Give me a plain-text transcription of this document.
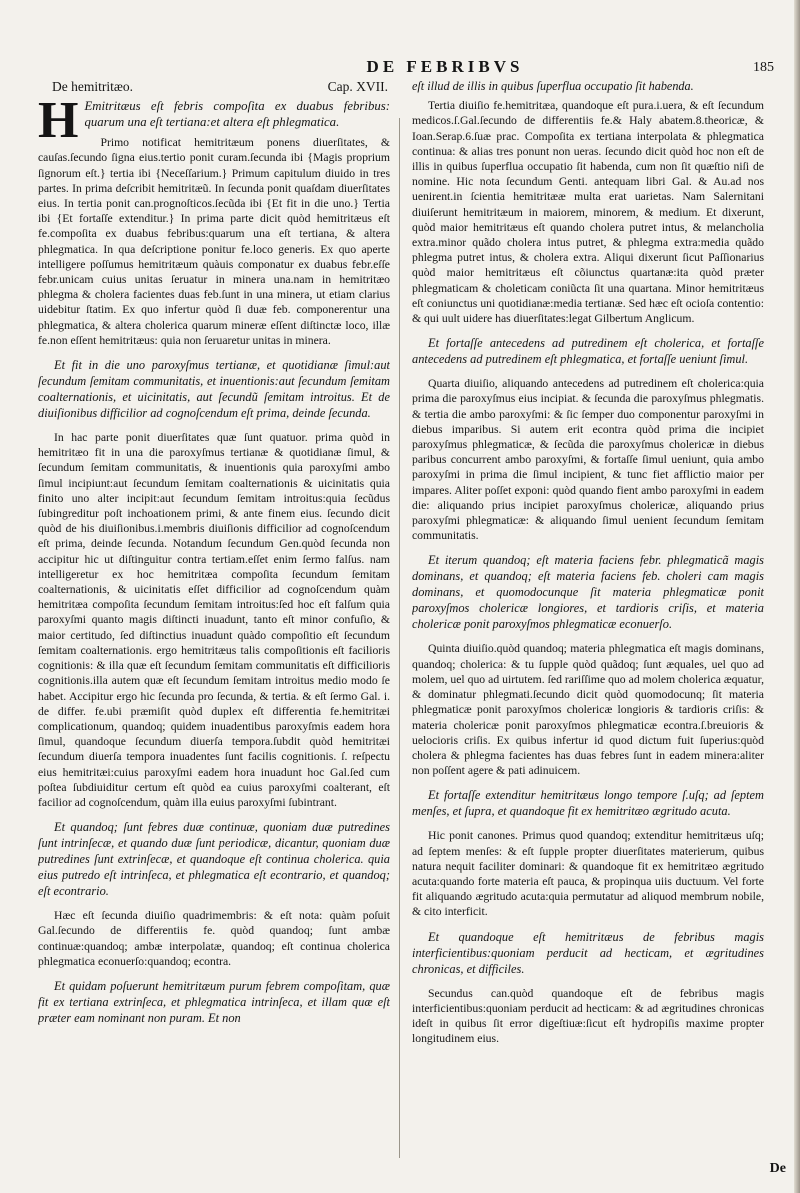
DE FEBRIBVS	185
De hemitritæo.	Cap. XVII.

H Emitritæus eſt febris compoſita ex duabus febribus: quarum una eſt tertiana:et altera eſt phlegmatica.

Primo notificat hemitritæum ponens diuerſitates, & cauſas.ſecundo ſigna eius.tertio ponit curam.ſecunda ibi {Magis proprium ſignorum eſt.} tertia ibi {Neceſſarium.} Primum capitulum diuido in tres partes. In prima deſcribit hemitritæũ. In ſecunda ponit quaſdam diuerſitates eius. In tertia ponit can.prognoſticos.ſecũda ibi {Et fit in die uno.} Tertia ibi {Et fortaſſe extenditur.} In prima parte dicit quòd hemitritæus eſt fe.compoſita ex duabus febribus:quarum una eſt tertiana, & altera phlegmatica. In qua deſcriptione ponitur fe.loco generis. Ex quo aperte intelligere poſſumus hemitritæum quàuis componatur ex duabus febr.eſſe febr.unicam cuius unitas ſeruatur in minera una.nam in hemitritæo phlegma & cholera facientes duas feb.ſunt in una minera, ut etiam clarius uidebitur ſtatim. Ex quo infertur quòd ſi duæ feb. componerentur una phlegmatica, & altera cholerica quarum mineræ eſſent diſtinctæ loco, illæ fe.non eſſent hemitritæus: quia non ſeruaretur unitas in minera.

Et fit in die uno paroxyſmus tertianæ, et quotidianæ ſimul:aut ſecundum ſemitam communitatis, et inuentionis:aut ſecundum ſemitam coalternationis, et uicinitatis, aut ſecundũ ſemitam introitus. Et de diuiſionibus difficilior ad cognoſcendum eſt prima, deinde ſecunda.

In hac parte ponit diuerſitates quæ ſunt quatuor. prima quòd in hemitritæo fit in una die paroxyſmus tertianæ & quotidianæ ſimul, & ſecundum ſemitam communitatis, & inuentionis quia paroxyſmi ambo ſimul incipiunt:aut ſecundum ſemitam coalternationis & uicinitatis quia finito uno alter incipit:aut ſecundum ſemitam introitus:quia ſecũdus ſubingreditur poſt inchoationem primi, & ante finem eius. ſecundo dicit quòd de his diuiſionibus.i.membris diuiſionis difficilior ad cognoſcendum eſt prima, deinde ſecunda. Notandum ſecundum Gen.quòd ſecunda non accipitur hic ut diſtinguitur contra tertiam.eſſet enim ſermo falſus. nam intelligeretur ex hoc hemitritæa compoſita ſecundum ſemitam coalternationis, & uicinitatis eſſet difficilior ad cognoſcendum quàm hemitritæa compoſita ſecundum ſemitam introitus:ſed hoc eſt falſum quia paroxyſmi quanto magis diſtincti inuadunt, tanto eſt minor confuſio, & maior certitudo, ſed diſtinctius inuadunt quàdo compoſitio eſt ſecundum ſemitam coalternationis. ergo hemitritæus talis compoſitionis eſt facilioris cognitionis: & illa quæ eſt ſecundum ſemitam communitatis eſt difficilioris cognitionis.illa autem quæ eſt ſecundum ſemitam introitus medio modo ſe habet. Accipitur ergo hic ſecunda pro ſecunda, & tertia. & eſt ſermo Gal. i. de differ. fe.ubi præmiſit quòd duplex eſt differentia fe.hemitritæi complicationum, quandoq; quidem inuadentibus paroxyſmis eadem hora ſimul, quandoque ſecundum diuerſa tempora.ſubdit quòd hemitritæi ſecundum diuerſa tempora inuadentes ſunt facilis cognitionis. ſ. reſpectu eius hemitritæi:cuius paroxyſmi eadem hora inuadunt hoc Gal.ſed cum poſtea ſubdiuiditur certum eſt quòd ea cuius paroxyſmi coalterant, eſt facilior ad cognoſcendum, quàm illa euius paroxyſmi ſubintrant.

Et quandoq; ſunt febres duæ continuæ, quoniam duæ putredines ſunt intrinſecæ, et quando duæ ſunt periodicæ, dicantur, quoniam duæ putredines ſunt extrinſecæ, et quandoque eſt continua cholerica. quia eius putredo eſt intrinſeca, et phlegmatica eſt econtrario, et quandoq; eſt econtrario.

Hæc eſt ſecunda diuiſio quadrimembris: & eſt nota: quàm poſuit Gal.ſecundo de differentiis fe. quòd quandoq; ſunt ambæ continuæ:quandoq; ambæ interpolatæ, quandoq; eſt continua cholerica phlegmatica econuerſo:quandoq; econtra.

Et quidam poſuerunt hemitritæum purum febrem compoſitam, quæ fit ex tertiana extrinſeca, et phlegmatica intrinſeca, et illam quæ eſt præter eam nominant non puram. Et non

eſt illud de illis in quibus ſuperflua occupatio ſit habenda.

Tertia diuiſio fe.hemitritæa, quandoque eſt pura.i.uera, & eſt ſecundum medicos.ſ.Gal.ſecundo de differentiis fe.& Haly abatem.8.theoricæ, & Ioan.Serap.6.ſuæ prac. Compoſita ex tertiana interpolata & phlegmatica continua: & alias tres ponunt non ueras. ſecundo dicit quòd hoc non eſt de illis in quibus ſuperflua occupatio ſit habenda, cum non ſit quæſtio niſi de nomine. Hic nota ſecundum Genti. antequam libri Gal. & Au.ad nos uenirent.in ſcientia hemitritææ multa erat uarietas. Nam Salernitani diuiſerunt hemitritæum in maiorem, minorem, & medium. Et dixerunt, quòd maior hemitritæus eſt quando cholera putret intus, & melancholia extra.minor quãdo cholera intus putret, & phlegma extra:media quãdo phlegma putret intus, & cholera extra. Aliqui dixerunt ſicut Paſſionarius quòd maior hemitritæus eſt cõiunctus quartanæ:ita quòd præter phlegmaticam & choleticam coniũcta ſit una quartana. Minor hemitritæus eſt coniunctus uni quotidianæ:media tertianæ. Sed hæc eſt ocioſa contentio: & qui uult uidere has diuerſitates:legat Gilbertum Anglicum.

Et fortaſſe antecedens ad putredinem eſt cholerica, et fortaſſe antecedens ad putredinem eſt phlegmatica, et fortaſſe ueniunt ſimul.

Quarta diuiſio, aliquando antecedens ad putredinem eſt cholerica:quia prima die paroxyſmus eius incipiat. & ſecunda die paroxyſmus phlegmatis. & tertia die ambo paroxyſmi: & ſic ſemper duo componentur paroxyſmi in diebus imparibus. Si autem erit econtra quòd prima die incipiet paroxyſmus phlegmaticæ, & ſecũda die paroxyſmus cholericæ in diebus paribus concurrent ambo paroxyſmi, & fortaſſe ſimul ueniunt, quia ambo paroxyſmi in prima die ſimul incipient, & tunc fiet afflictio maior per impares. Aliter poſſet exponi: quòd quando fient ambo paroxyſmi in eadem die: aliquando prius incipiet paroxyſmus cholericæ, aliquando prius paroxyſmi phlegmaticæ: & aliquando ſimul uenient ſecundum ſemitam communitatis.

Et iterum quandoq; eſt materia faciens febr. phlegmaticã magis dominans, et quandoq; eſt materia faciens feb. choleri cam magis dominans, et quomodocunque ſit materia phlegmaticæ ponit paroxyſmos cholericæ longiores, et tardioris criſis, et materia cholericæ ponit paroxyſmos phlegmaticæ econuerſo.

Quinta diuiſio.quòd quandoq; materia phlegmatica eſt magis dominans, quandoq; cholerica: & tu ſupple quòd quãdoq; ſunt æquales, uel quo ad molem, uel quo ad uirtutem. ſed rariſſime quo ad molem cholerica æquatur, & dominatur phlegmati.ſecundo dicit quòd quomodocunq; ſit materia phlegmaticæ ponit paroxyſmos cholericæ longioris & tardioris criſis: & materia cholericæ ponit paroxyſmos phlegmaticæ econtra.ſ.breuioris & uelocioris criſis. Ex quibus infertur id quod dictum fuit ſuperius:quòd cholera & phlegma facientes has duas febres ſunt in eadem minera:aliter non poſſent agere & pati adinuicem.

Et fortaſſe extenditur hemitritæus longo tempore ſ.uſq; ad ſeptem menſes, et ſupra, et quandoque fit ex hemitritæo ægritudo acuta.

Hic ponit canones. Primus quod quandoq; extenditur hemitritæus uſq; ad ſeptem menſes: & eſt ſupple propter diuerſitates materierum, quibus natura nequit faciliter dominari: & quandoque fit ex hemitritæo ægritudo acuta:quando forte materia eſt pauca, & propinqua uiis ductuum. Vel forte fit aliquando ægritudo acuta:quia permutatur ad aliquod membrum nobile, & cito interficit.

Et quandoque eſt hemitritæus de febribus magis interficientibus:quoniam perducit ad hecticam, et ægritudines chronicas, et difficiles.

Secundus can.quòd quandoque eſt de febribus magis interficientibus:quoniam perducit ad hecticam: & ad ægritudines chronicas ideſt in quibus ſit error digeſtiuæ:ſicut eſt hydropiſis maxime propter longitudinem eius.

De
